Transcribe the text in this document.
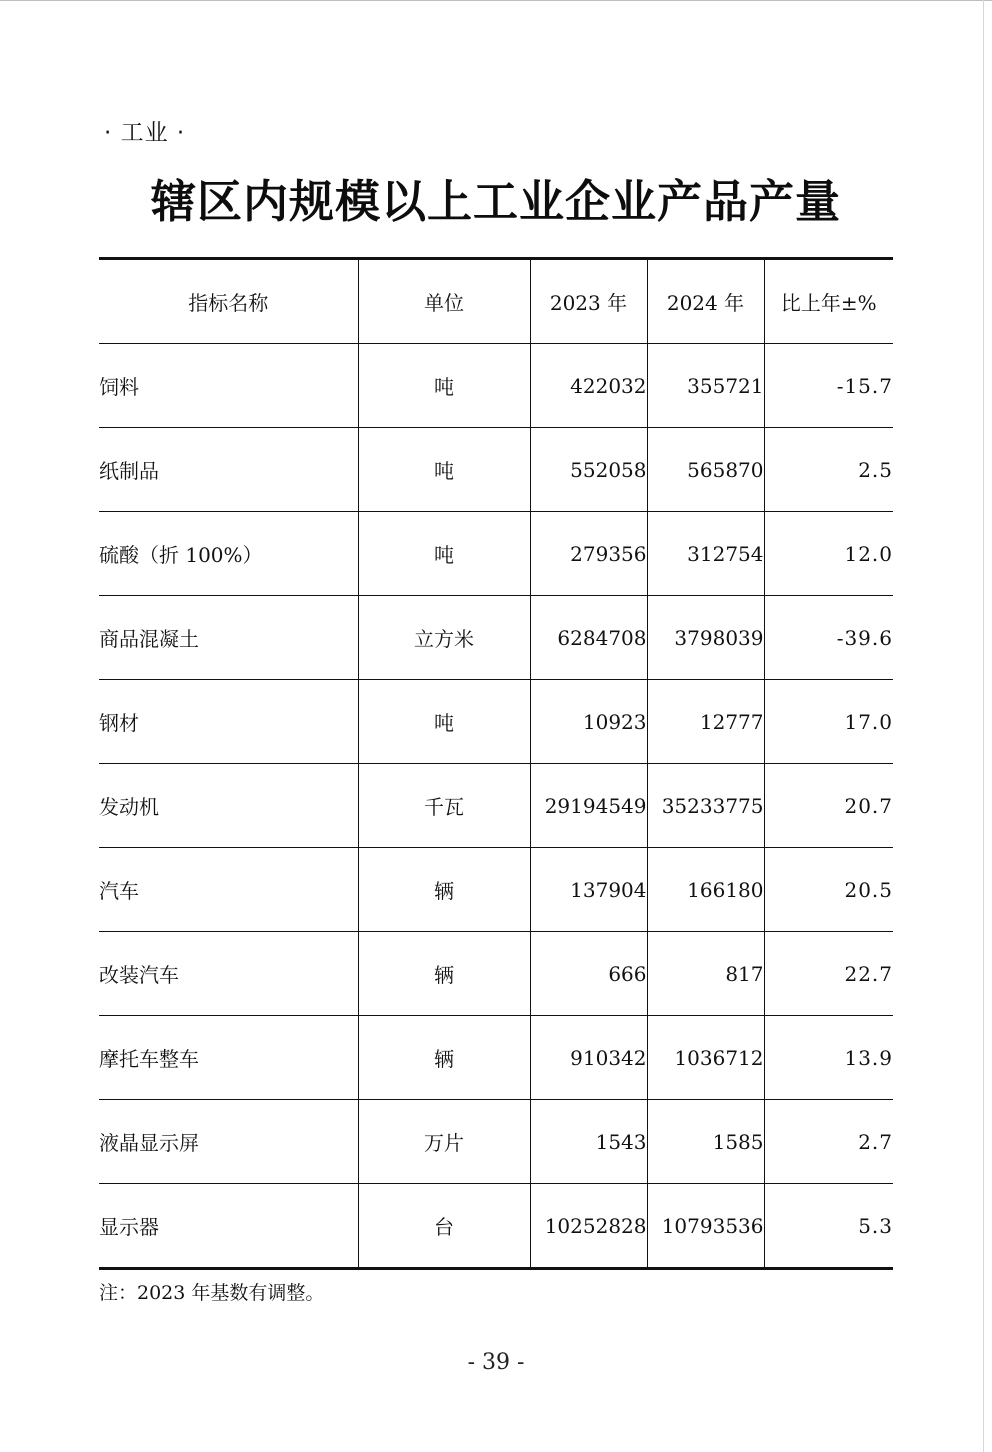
· 工业 ·
辖区内规模以上工业企业产品产量
指标名称	单位	2023 年	2024 年	比上年±%
饲料	吨	422032	355721	-15.7
纸制品	吨	552058	565870	2.5
硫酸（折 100%）	吨	279356	312754	12.0
商品混凝土	立方米	6284708	3798039	-39.6
钢材	吨	10923	12777	17.0
发动机	千瓦	29194549	35233775	20.7
汽车	辆	137904	166180	20.5
改装汽车	辆	666	817	22.7
摩托车整车	辆	910342	1036712	13.9
液晶显示屏	万片	1543	1585	2.7
显示器	台	10252828	10793536	5.3
注：2023 年基数有调整。
- 39 -
